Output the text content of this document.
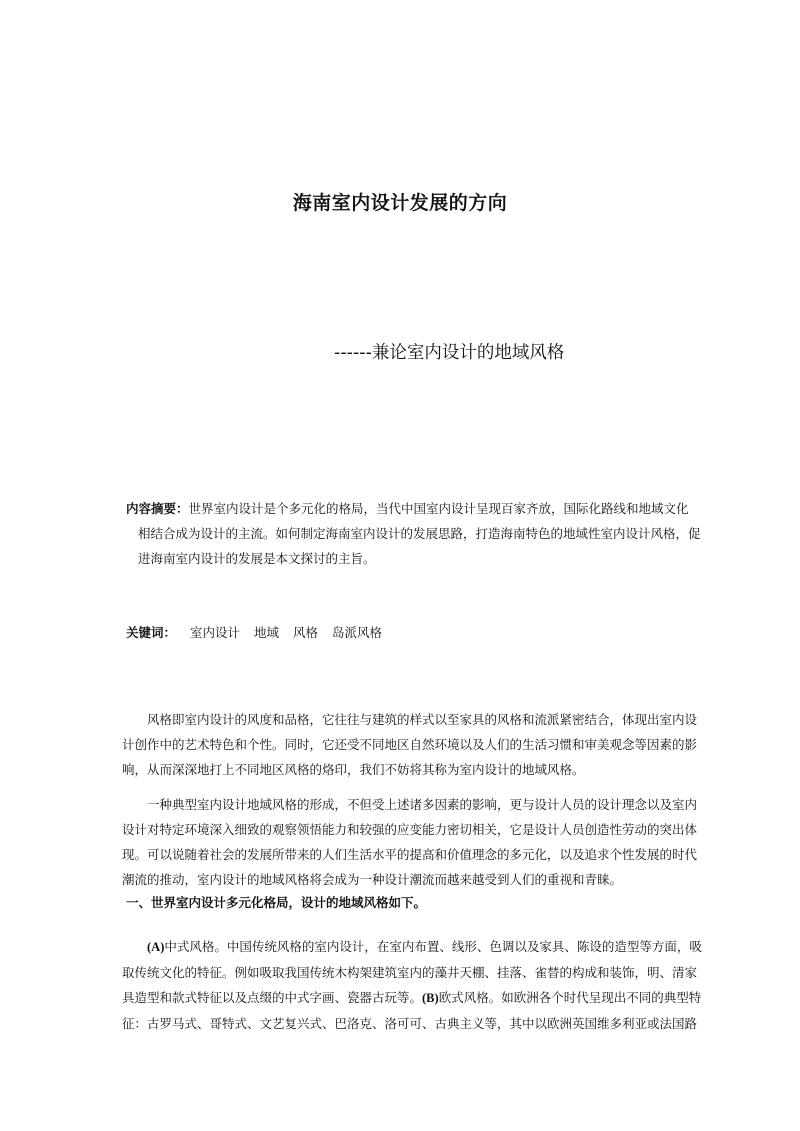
海南室内设计发展的方向
------兼论室内设计的地域风格
内容摘要：世界室内设计是个多元化的格局，当代中国室内设计呈现百家齐放，国际化路线和地域文化
相结合成为设计的主流。如何制定海南室内设计的发展思路，打造海南特色的地域性室内设计风格，促
进海南室内设计的发展是本文探讨的主旨。
关键词： 室内设计 地域 风格 岛派风格
风格即室内设计的风度和品格，它往往与建筑的样式以至家具的风格和流派紧密结合，体现出室内设
计创作中的艺术特色和个性。同时，它还受不同地区自然环境以及人们的生活习惯和审美观念等因素的影
响，从而深深地打上不同地区风格的烙印，我们不妨将其称为室内设计的地域风格。
一种典型室内设计地域风格的形成，不但受上述诸多因素的影响，更与设计人员的设计理念以及室内
设计对特定环境深入细致的观察领悟能力和较强的应变能力密切相关，它是设计人员创造性劳动的突出体
现。可以说随着社会的发展所带来的人们生活水平的提高和价值理念的多元化，以及追求个性发展的时代
潮流的推动，室内设计的地域风格将会成为一种设计潮流而越来越受到人们的重视和青睐。
一、世界室内设计多元化格局，设计的地域风格如下。
(A)中式风格。中国传统风格的室内设计，在室内布置、线形、色调以及家具、陈设的造型等方面，吸
取传统文化的特征。例如吸取我国传统木构架建筑室内的藻井天棚、挂落、雀替的构成和装饰，明、清家
具造型和款式特征以及点缀的中式字画、瓷器古玩等。(B)欧式风格。如欧洲各个时代呈现出不同的典型特
征：古罗马式、哥特式、文艺复兴式、巴洛克、洛可可、古典主义等，其中以欧洲英国维多利亚或法国路
